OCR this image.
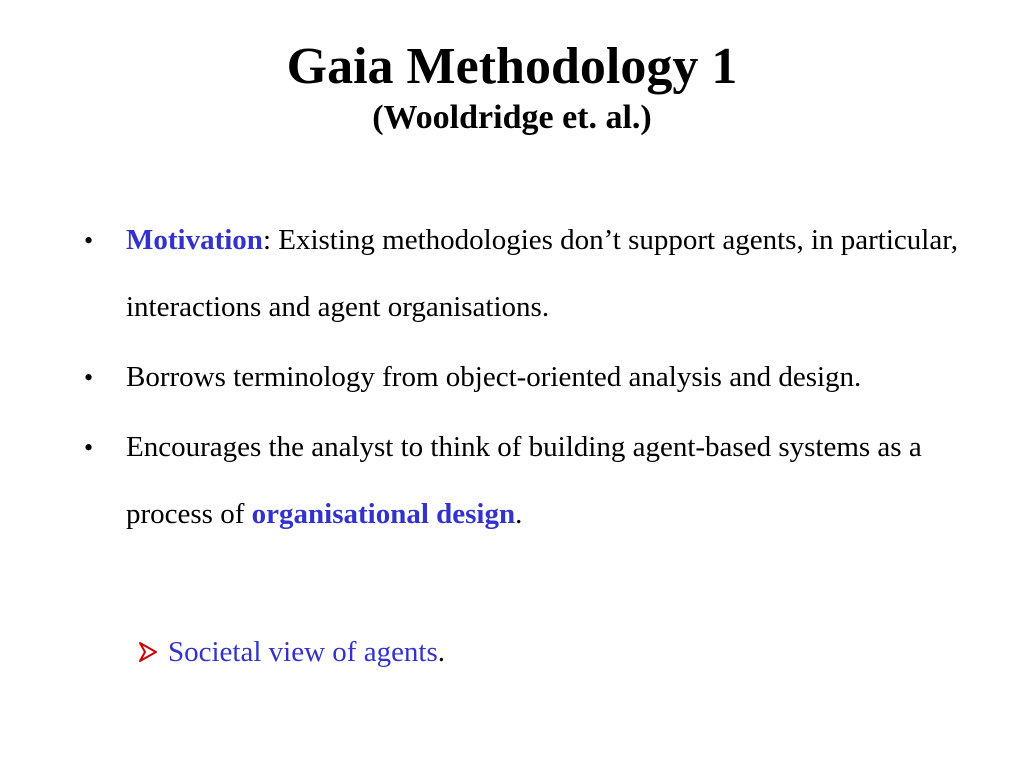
Gaia Methodology 1
(Wooldridge et. al.)
• Motivation: Existing methodologies don’t support agents, in particular, interactions and agent organisations.
• Borrows terminology from object-oriented analysis and design.
• Encourages the analyst to think of building agent-based systems as a process of organisational design.
Societal view of agents.
